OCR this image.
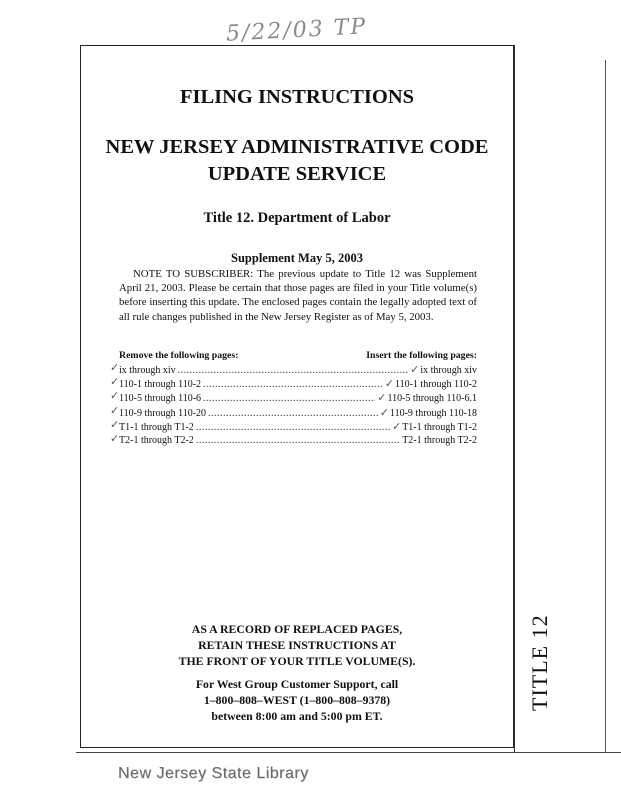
5/22/03 TP
FILING INSTRUCTIONS
NEW JERSEY ADMINISTRATIVE CODE
UPDATE SERVICE
Title 12. Department of Labor
Supplement May 5, 2003
NOTE TO SUBSCRIBER: The previous update to Title 12 was Supplement April 21, 2003. Please be certain that those pages are filed in your Title volume(s) before inserting this update. The enclosed pages contain the legally adopted text of all rule changes published in the New Jersey Register as of May 5, 2003.
Remove the following pages:	Insert the following pages:
✓ ix through xiv .....	✓ix through xiv
✓ 110-1 through 110-2 .....	✓110-1 through 110-2
✓ 110-5 through 110-6 .....	✓110-5 through 110-6.1
✓ 110-9 through 110-20 .....	✓110-9 through 110-18
✓ T1-1 through T1-2 .....	✓T1-1 through T1-2
✓ T2-1 through T2-2 .....	T2-1 through T2-2
AS A RECORD OF REPLACED PAGES,
RETAIN THESE INSTRUCTIONS AT
THE FRONT OF YOUR TITLE VOLUME(S).
For West Group Customer Support, call
1–800–808–WEST (1–800–808–9378)
between 8:00 am and 5:00 pm ET.
TITLE 12
New Jersey State Library
